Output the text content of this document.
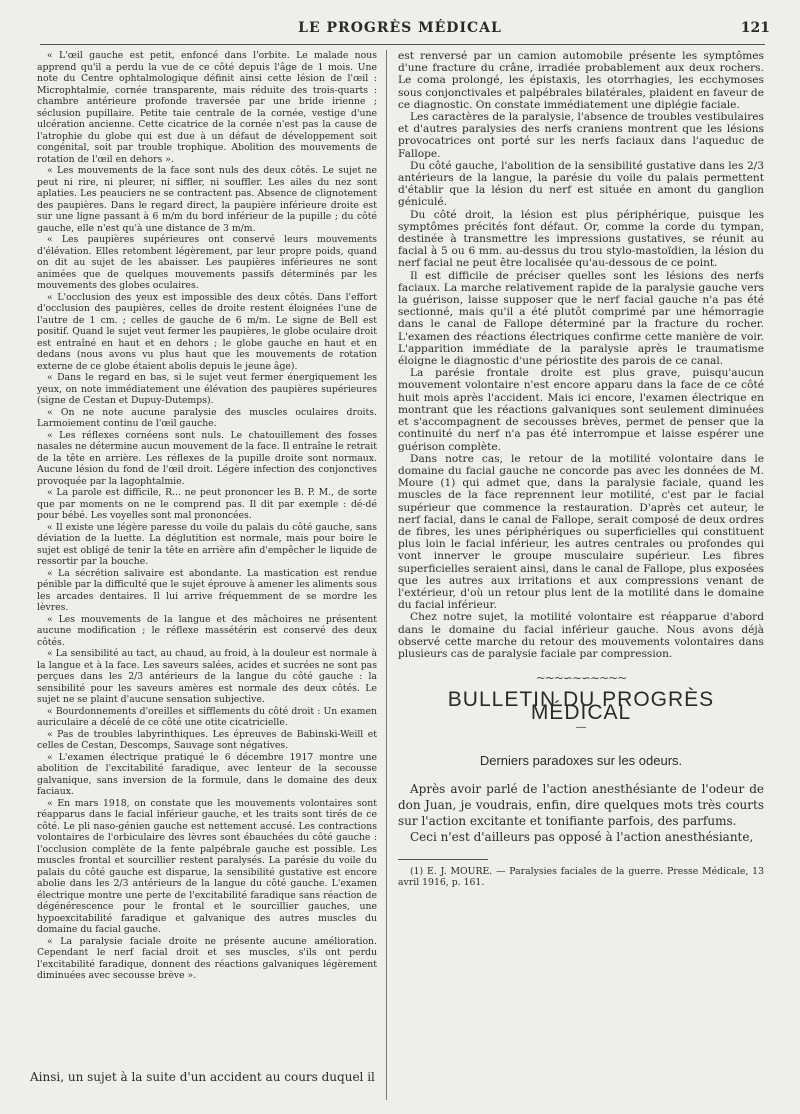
LE PROGRÈS MÉDICAL	121

« L'œil gauche est petit, enfoncé dans l'orbite. Le malade nous apprend qu'il a perdu la vue de ce côté depuis l'âge de 1 mois. Une note du Centre ophtalmologique définit ainsi cette lésion de l'œil : Microphtalmie, cornée transparente, mais réduite des trois-quarts : chambre antérieure profonde traversée par une bride irienne ; séclusion pupillaire. Petite taie centrale de la cornée, vestige d'une ulcération ancienne. Cette cicatrice de la cornée n'est pas la cause de l'atrophie du globe qui est due à un défaut de développement soit congénital, soit par trouble trophique. Abolition des mouvements de rotation de l'œil en dehors ».

« Les mouvements de la face sont nuls des deux côtés. Le sujet ne peut ni rire, ni pleurer, ni siffler, ni souffler. Les ailes du nez sont aplaties. Les peauciers ne se contractent pas. Absence de clignotement des paupières. Dans le regard direct, la paupière inférieure droite est sur une ligne passant à 6 m/m du bord inférieur de la pupille ; du côté gauche, elle n'est qu'à une distance de 3 m/m.

« Les paupières supérieures ont conservé leurs mouvements d'élévation. Elles retombent légèrement, par leur propre poids, quand on dit au sujet de les abaisser. Les paupières inférieures ne sont animées que de quelques mouvements passifs déterminés par les mouvements des globes oculaires.

« L'occlusion des yeux est impossible des deux côtés. Dans l'effort d'occlusion des paupières, celles de droite restent éloignées l'une de l'autre de 1 cm. ; celles de gauche de 6 m/m. Le signe de Bell est positif. Quand le sujet veut fermer les paupières, le globe oculaire droit est entraîné en haut et en dehors ; le globe gauche en haut et en dedans (nous avons vu plus haut que les mouvements de rotation externe de ce globe étaient abolis depuis le jeune âge).

« Dans le regard en bas, si le sujet veut fermer énergiquement les yeux, on note immédiatement une élévation des paupières supérieures (signe de Cestan et Dupuy-Dutemps).

« On ne note aucune paralysie des muscles oculaires droits. Larmoiement continu de l'œil gauche.

« Les réflexes cornéens sont nuls. Le chatouillement des fosses nasales ne détermine aucun mouvement de la face. Il entraîne le retrait de la tête en arrière. Les réflexes de la pupille droite sont normaux. Aucune lésion du fond de l'œil droit. Légère infection des conjonctives provoquée par la lagophtalmie.

« La parole est difficile, R... ne peut prononcer les B. P. M., de sorte que par moments on ne le comprend pas. Il dit par exemple : dé-dé pour bébé. Les voyelles sont mal prononcées.

« Il existe une légère paresse du voile du palais du côté gauche, sans déviation de la luette. La déglutition est normale, mais pour boire le sujet est obligé de tenir la tête en arrière afin d'empêcher le liquide de ressortir par la bouche.

« La sécrétion salivaire est abondante. La mastication est rendue pénible par la difficulté que le sujet éprouve à amener les aliments sous les arcades dentaires. Il lui arrive fréquemment de se mordre les lèvres.

« Les mouvements de la langue et des mâchoires ne présentent aucune modification ; le réflexe massétérin est conservé des deux côtés.

« La sensibilité au tact, au chaud, au froid, à la douleur est normale à la langue et à la face. Les saveurs salées, acides et sucrées ne sont pas perçues dans les 2/3 antérieurs de la langue du côté gauche : la sensibilité pour les saveurs amères est normale des deux côtés. Le sujet ne se plaint d'aucune sensation subjective.

« Bourdonnements d'oreilles et sifflements du côté droit : Un examen auriculaire a décelé de ce côté une otite cicatricielle.

« Pas de troubles labyrinthiques. Les épreuves de Babinski-Weill et celles de Cestan, Descomps, Sauvage sont négatives.

« L'examen électrique pratiqué le 6 décembre 1917 montre une abolition de l'excitabilité faradique, avec lenteur de la secousse galvanique, sans inversion de la formule, dans le domaine des deux faciaux.

« En mars 1918, on constate que les mouvements volontaires sont réapparus dans le facial inférieur gauche, et les traits sont tirés de ce côté. Le pli naso-génien gauche est nettement accusé. Les contractions volontaires de l'orbiculaire des lèvres sont ébauchées du côté gauche : l'occlusion complète de la fente palpébrale gauche est possible. Les muscles frontal et sourcillier restent paralysés. La parésie du voile du palais du côté gauche est disparue, la sensibilité gustative est encore abolie dans les 2/3 antérieurs de la langue du côté gauche. L'examen électrique montre une perte de l'excitabilité faradique sans réaction de dégénérescence pour le frontal et le sourcillier gauches, une hypoexcitabilité faradique et galvanique des autres muscles du domaine du facial gauche.

« La paralysie faciale droite ne présente aucune amélioration. Cependant le nerf facial droit et ses muscles, s'ils ont perdu l'excitabilité faradique, donnent des réactions galvaniques légèrement diminuées avec secousse brève ».

Ainsi, un sujet à la suite d'un accident au cours duquel il

est renversé par un camion automobile présente les symptômes d'une fracture du crâne, irradiée probablement aux deux rochers. Le coma prolongé, les épistaxis, les otorrhagies, les ecchymoses sous conjonctivales et palpébrales bilatérales, plaident en faveur de ce diagnostic. On constate immédiatement une diplégie faciale.

Les caractères de la paralysie, l'absence de troubles vestibulaires et d'autres paralysies des nerfs craniens montrent que les lésions provocatrices ont porté sur les nerfs faciaux dans l'aqueduc de Fallope.

Du côté gauche, l'abolition de la sensibilité gustative dans les 2/3 antérieurs de la langue, la parésie du voile du palais permettent d'établir que la lésion du nerf est située en amont du ganglion géniculé.

Du côté droit, la lésion est plus périphérique, puisque les symptômes précités font défaut. Or, comme la corde du tympan, destinée à transmettre les impressions gustatives, se réunit au facial à 5 ou 6 mm. au-dessus du trou stylo-mastoïdien, la lésion du nerf facial ne peut être localisée qu'au-dessous de ce point.

Il est difficile de préciser quelles sont les lésions des nerfs faciaux. La marche relativement rapide de la paralysie gauche vers la guérison, laisse supposer que le nerf facial gauche n'a pas été sectionné, mais qu'il a été plutôt comprimé par une hémorragie dans le canal de Fallope déterminé par la fracture du rocher. L'examen des réactions électriques confirme cette manière de voir. L'apparition immédiate de la paralysie après le traumatisme éloigne le diagnostic d'une périostite des parois de ce canal.

La parésie frontale droite est plus grave, puisqu'aucun mouvement volontaire n'est encore apparu dans la face de ce côté huit mois après l'accident. Mais ici encore, l'examen électrique en montrant que les réactions galvaniques sont seulement diminuées et s'accompagnent de secousses brèves, permet de penser que la continuité du nerf n'a pas été interrompue et laisse espérer une guérison complète.

Dans notre cas, le retour de la motilité volontaire dans le domaine du facial gauche ne concorde pas avec les données de M. Moure (1) qui admet que, dans la paralysie faciale, quand les muscles de la face reprennent leur motilité, c'est par le facial supérieur que commence la restauration. D'après cet auteur, le nerf facial, dans le canal de Fallope, serait composé de deux ordres de fibres, les unes périphériques ou superficielles qui constituent plus loin le facial inférieur, les autres centrales ou profondes qui vont innerver le groupe musculaire supérieur. Les fibres superficielles seraient ainsi, dans le canal de Fallope, plus exposées que les autres aux irritations et aux compressions venant de l'extérieur, d'où un retour plus lent de la motilité dans le domaine du facial inférieur.

Chez notre sujet, la motilité volontaire est réapparue d'abord dans le domaine du facial inférieur gauche. Nous avons déjà observé cette marche du retour des mouvements volontaires dans plusieurs cas de paralysie faciale par compression.

~~~∽∼∽∼~~~
BULLETIN DU PROGRÈS MÉDICAL
—
Derniers paradoxes sur les odeurs.

Après avoir parlé de l'action anesthésiante de l'odeur de don Juan, je voudrais, enfin, dire quelques mots très courts sur l'action excitante et tonifiante parfois, des parfums.

Ceci n'est d'ailleurs pas opposé à l'action anesthésiante,

(1) E. J. MOURE. — Paralysies faciales de la guerre. Presse Médicale, 13 avril 1916, p. 161.
